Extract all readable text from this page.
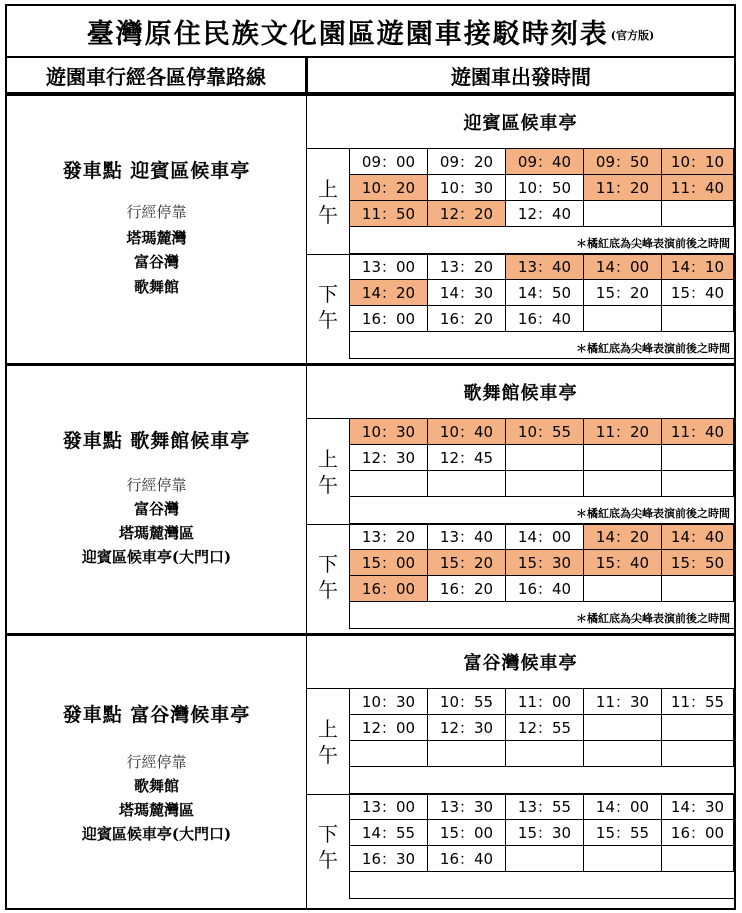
臺灣原住民族文化園區遊園車接駁時刻表 (官方版)
遊園車行經各區停靠路線	遊園車出發時間
發車點 迎賓區候車亭
行經停靠
塔瑪麓灣
富谷灣
歌舞館
迎賓區候車亭
上
午
09：00	09：20	09：40	09：50	10：10
10：20	10：30	10：50	11：20	11：40
11：50	12：20	12：40
＊橘紅底為尖峰表演前後之時間
下
午
13：00	13：20	13：40	14：00	14：10
14：20	14：30	14：50	15：20	15：40
16：00	16：20	16：40
＊橘紅底為尖峰表演前後之時間
發車點 歌舞館候車亭
行經停靠
富谷灣
塔瑪麓灣區
迎賓區候車亭(大門口)
歌舞館候車亭
上
午
10：30	10：40	10：55	11：20	11：40
12：30	12：45
＊橘紅底為尖峰表演前後之時間
下
午
13：20	13：40	14：00	14：20	14：40
15：00	15：20	15：30	15：40	15：50
16：00	16：20	16：40
＊橘紅底為尖峰表演前後之時間
發車點 富谷灣候車亭
行經停靠
歌舞館
塔瑪麓灣區
迎賓區候車亭(大門口)
富谷灣候車亭
上
午
10：30	10：55	11：00	11：30	11：55
12：00	12：30	12：55
下
午
13：00	13：30	13：55	14：00	14：30
14：55	15：00	15：30	15：55	16：00
16：30	16：40
